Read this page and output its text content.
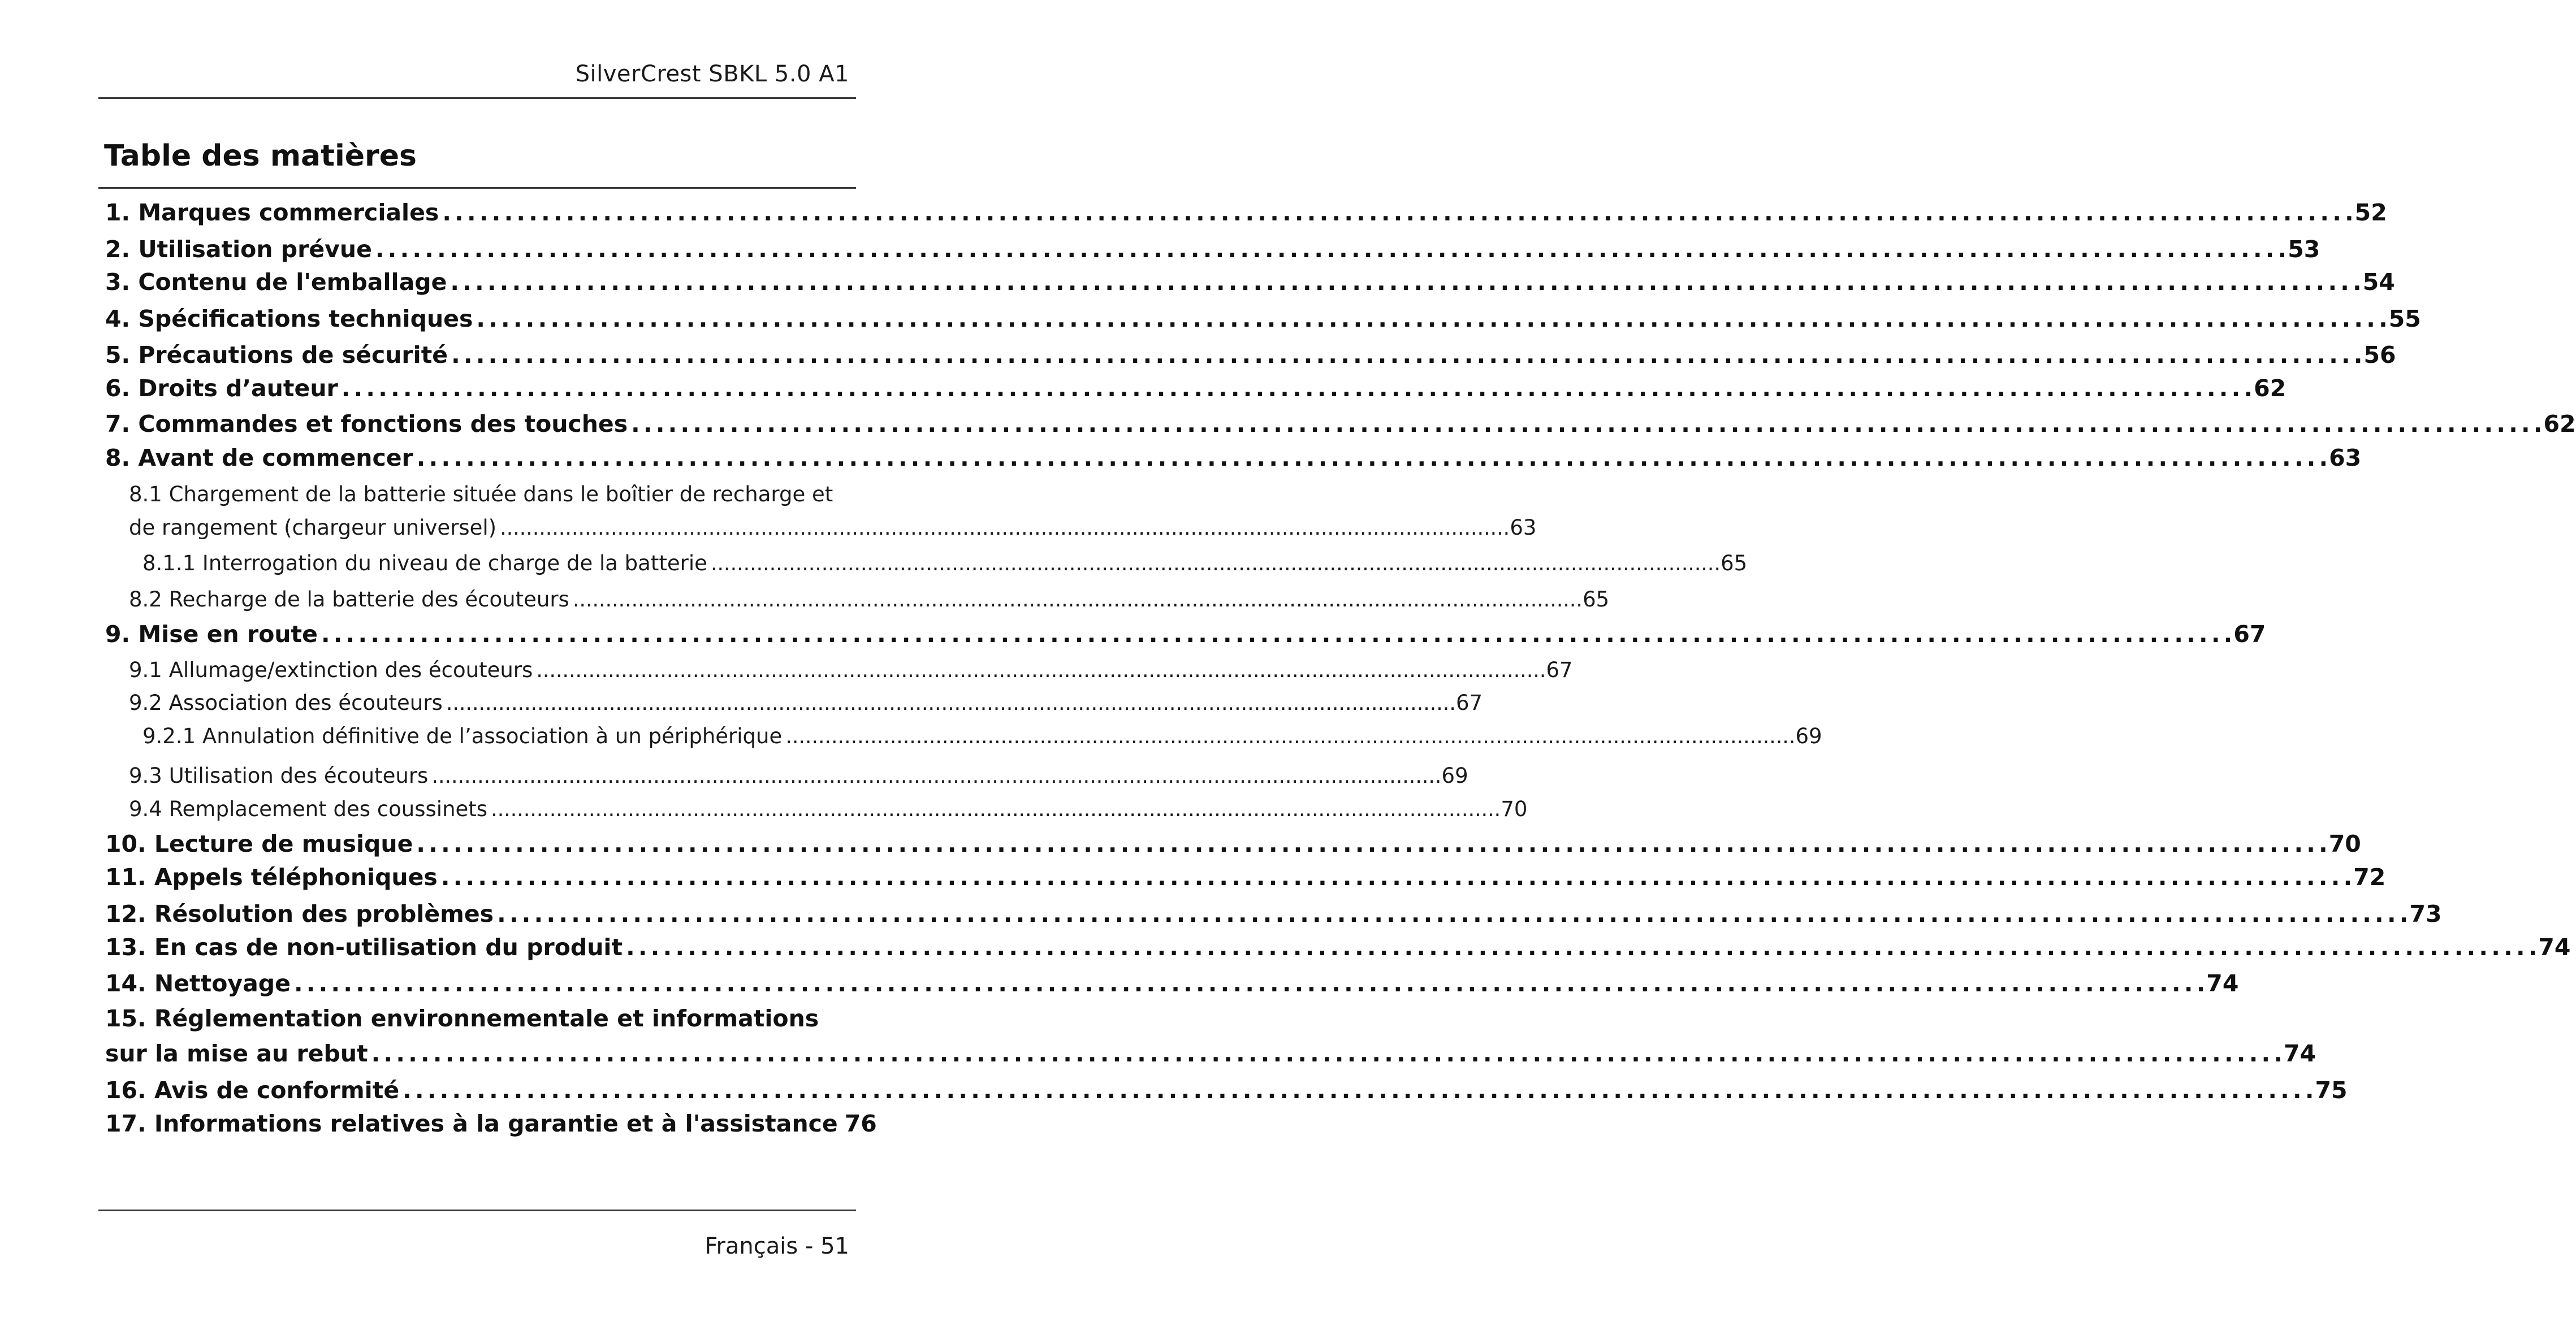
SilverCrest SBKL 5.0 A1
Table des matières
1. Marques commerciales . . .	52
2. Utilisation prévue . . .	53
3. Contenu de l'emballage . . .	54
4. Spécifications techniques . . .	55
5. Précautions de sécurité . . .	56
6. Droits d’auteur . . .	62
7. Commandes et fonctions des touches . . .	62
8. Avant de commencer . . .	63
8.1 Chargement de la batterie située dans le boîtier de recharge et
de rangement (chargeur universel) . . .	63
8.1.1 Interrogation du niveau de charge de la batterie . . .	65
8.2 Recharge de la batterie des écouteurs . . .	65
9. Mise en route . . .	67
9.1 Allumage/extinction des écouteurs . . .	67
9.2 Association des écouteurs . . .	67
9.2.1 Annulation définitive de l’association à un périphérique . . .	69
9.3 Utilisation des écouteurs . . .	69
9.4 Remplacement des coussinets . . .	70
10. Lecture de musique . . .	70
11. Appels téléphoniques . . .	72
12. Résolution des problèmes . . .	73
13. En cas de non-utilisation du produit . . .	74
14. Nettoyage . . .	74
15. Réglementation environnementale et informations
sur la mise au rebut . . .	74
16. Avis de conformité . . .	75
17. Informations relatives à la garantie et à l'assistance 76
Français - 51
